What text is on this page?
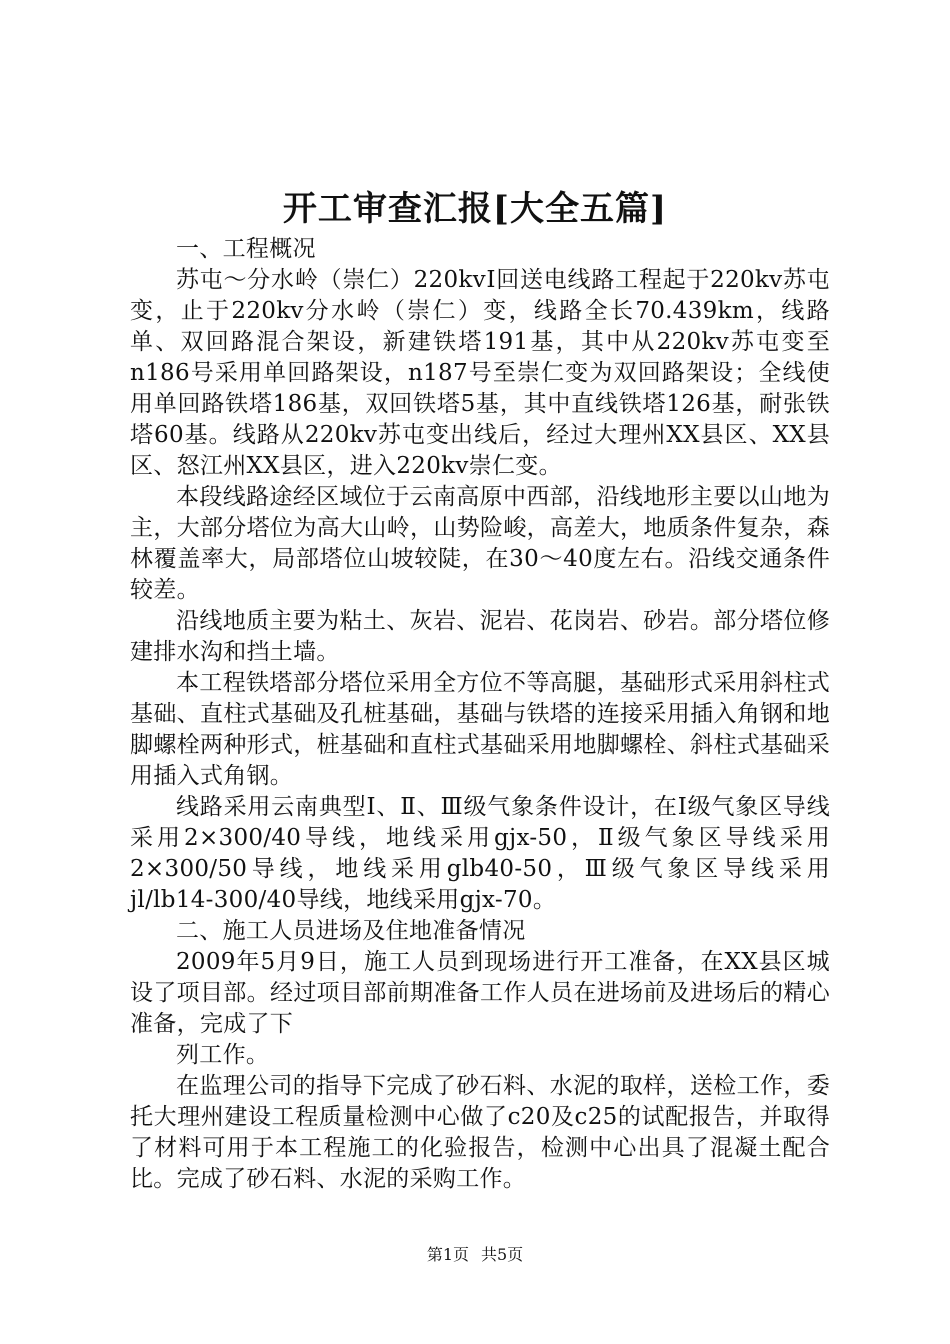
开工审查汇报[大全五篇]

一、工程概况

苏屯～分水岭（崇仁）220kvⅠ回送电线路工程起于220kv苏屯变，止于220kv分水岭（崇仁）变，线路全长70.439km，线路单、双回路混合架设，新建铁塔191基，其中从220kv苏屯变至n186号采用单回路架设，n187号至崇仁变为双回路架设；全线使用单回路铁塔186基，双回铁塔5基，其中直线铁塔126基，耐张铁塔60基。线路从220kv苏屯变出线后，经过大理州XX县区、XX县区、怒江州XX县区，进入220kv崇仁变。

本段线路途经区域位于云南高原中西部，沿线地形主要以山地为主，大部分塔位为高大山岭，山势险峻，高差大，地质条件复杂，森林覆盖率大，局部塔位山坡较陡，在30～40度左右。沿线交通条件较差。

沿线地质主要为粘土、灰岩、泥岩、花岗岩、砂岩。部分塔位修建排水沟和挡土墙。

本工程铁塔部分塔位采用全方位不等高腿，基础形式采用斜柱式基础、直柱式基础及孔桩基础，基础与铁塔的连接采用插入角钢和地脚螺栓两种形式，桩基础和直柱式基础采用地脚螺栓、斜柱式基础采用插入式角钢。

线路采用云南典型Ⅰ、Ⅱ、Ⅲ级气象条件设计，在Ⅰ级气象区导线采用2×300/40导线，地线采用gjx-50，Ⅱ级气象区导线采用2×300/50导线，地线采用glb40-50，Ⅲ级气象区导线采用jl/lb14-300/40导线，地线采用gjx-70。

二、施工人员进场及住地准备情况

2009年5月9日，施工人员到现场进行开工准备，在XX县区城设了项目部。经过项目部前期准备工作人员在进场前及进场后的精心准备，完成了下

列工作。

在监理公司的指导下完成了砂石料、水泥的取样，送检工作，委托大理州建设工程质量检测中心做了c20及c25的试配报告，并取得了材料可用于本工程施工的化验报告，检测中心出具了混凝土配合比。完成了砂石料、水泥的采购工作。

第1页 共5页
